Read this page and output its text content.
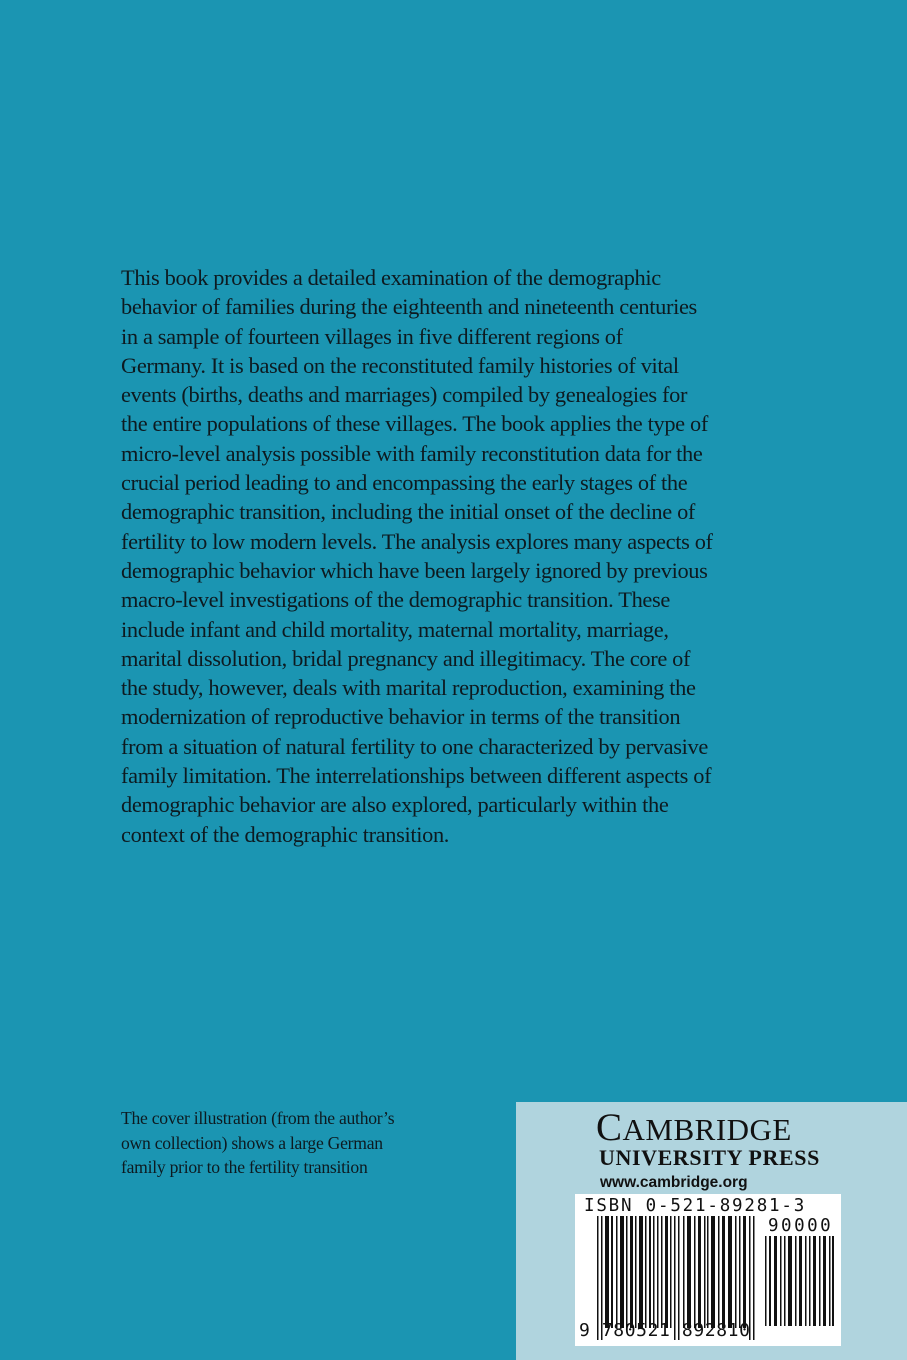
This book provides a detailed examination of the demographic
behavior of families during the eighteenth and nineteenth centuries
in a sample of fourteen villages in five different regions of
Germany. It is based on the reconstituted family histories of vital
events (births, deaths and marriages) compiled by genealogies for
the entire populations of these villages. The book applies the type of
micro-level analysis possible with family reconstitution data for the
crucial period leading to and encompassing the early stages of the
demographic transition, including the initial onset of the decline of
fertility to low modern levels. The analysis explores many aspects of
demographic behavior which have been largely ignored by previous
macro-level investigations of the demographic transition. These
include infant and child mortality, maternal mortality, marriage,
marital dissolution, bridal pregnancy and illegitimacy. The core of
the study, however, deals with marital reproduction, examining the
modernization of reproductive behavior in terms of the transition
from a situation of natural fertility to one characterized by pervasive
family limitation. The interrelationships between different aspects of
demographic behavior are also explored, particularly within the
context of the demographic transition.
The cover illustration (from the author’s
own collection) shows a large German
family prior to the fertility transition
CAMBRIDGE
UNIVERSITY PRESS
www.cambridge.org
ISBN 0-521-89281-3
90000
9 780521 892810
